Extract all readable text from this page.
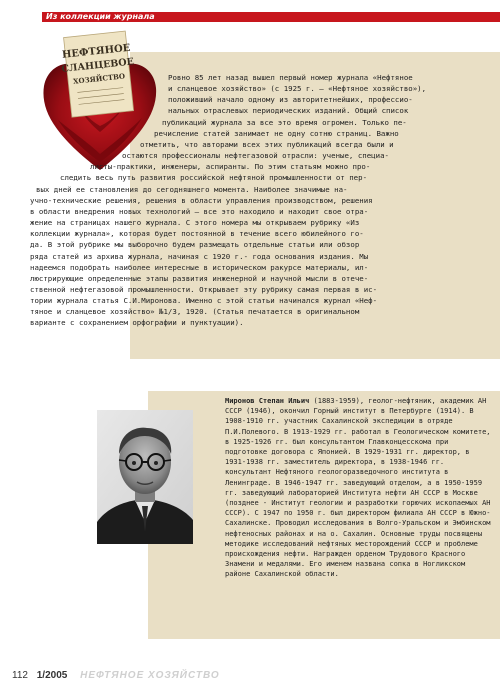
Из коллекции журнала
НЕФТЯНОЕ
СЛАНЦЕВОЕ
ХОЗЯЙСТВО	Ровно 85 лет назад вышел первый номер журнала «Нефтяное

и сланцевое хозяйство» (с 1925 г. – «Нефтяное хозяйство»),

положивший начало одному из авторитетнейших, профессио-

нальных отраслевых периодических изданий. Общий список

публикаций журнала за все это время огромен. Только пе-

речисление статей занимает не одну сотню страниц. Важно

отметить, что авторами всех этих публикаций всегда были и

остаются профессионалы нефтегазовой отрасли: ученые, специа-

листы-практики, инженеры, аспиранты. По этим статьям можно про-

следить весь путь развития российской нефтяной промышленности от пер-

вых дней ее становления до сегодняшнего момента. Наиболее значимые на-

учно-технические решения, решения в области управления производством, решения

в области внедрения новых технологий – все это находило и находит свое отра-

жение на страницах нашего журнала. С этого номера мы открываем рубрику «Из

коллекции журнала», которая будет постоянной в течение всего юбилейного го-

да. В этой рубрике мы выборочно будем размещать отдельные статьи или обзор

ряда статей из архива журнала, начиная с 1920 г.- года основания издания. Мы

надеемся подобрать наиболее интересные в историческом ракурсе материалы, ил-

люстрирующие определенные этапы развития инженерной и научной мысли в отече-

ственной нефтегазовой промышленности. Открывает эту рубрику самая первая в ис-

тории журнала статья С.И.Миронова. Именно с этой статьи начинался журнал «Неф-

тяное и сланцевое хозяйство» №1/3, 1920. (Статья печатается в оригинальном

варианте с сохранением орфографии и пунктуации).

Миронов Степан Ильич (1883-1959), геолог-нефтяник, академик АН СССР (1946), окончил Горный институт в Петербурге (1914). В 1908-1910 гг. участник Сахалинской экспедиции в отряде П.И.Полевого. В 1913-1929 гг. работал в Геологическом комитете, в 1925-1926 гг. был консультантом Главконцесскома при подготовке договора с Японией. В 1929-1931 гг. директор, в 1931-1938 гг. заместитель директора, в 1938-1946 гг. консультант Нефтяного геологоразведочного института в Ленинграде. В 1946-1947 гг. заведующий отделом, а в 1950-1959 гг. заведующий лабораторией Института нефти АН СССР в Москве (позднее - Институт геологии и разработки горючих ископаемых АН СССР). С 1947 по 1950 г. был директором филиала АН СССР в Южно-Сахалинске. Проводил исследования в Волго-Уральском и Эмбинском нефтеносных районах и на о. Сахалин. Основные труды посвящены методике исследований нефтяных месторождений СССР и проблеме происхождения нефти. Награжден орденом Трудового Красного Знамени и медалями. Его именем названа сопка в Ногликском районе Сахалинской области.
112 1/2005 НЕФТЯНОЕ ХОЗЯЙСТВО
